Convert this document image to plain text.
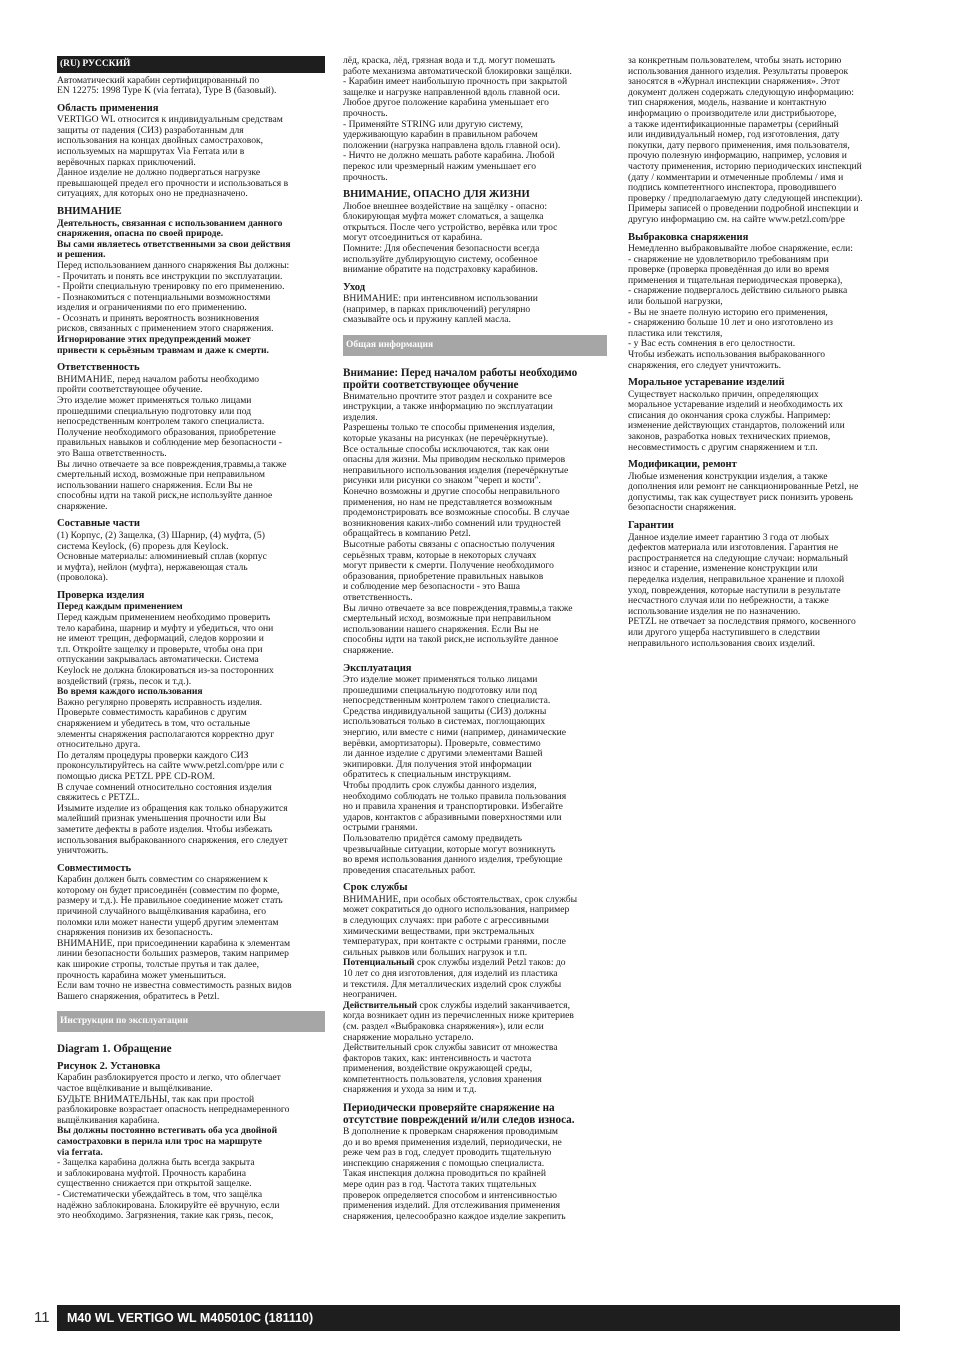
(RU) РУССКИЙ

Автоматический карабин сертифицированный по
EN 12275: 1998 Type K (via ferrata), Type B (базовый).

Область применения

VERTIGO WL относится к индивидуальным средствам
защиты от падения (СИЗ) разработанным для
использования на концах двойных самостраховок,
используемых на маршрутах Via Ferrata или в
верёвочных парках приключений.
Данное изделие не должно подвергаться нагрузке
превышающей предел его прочности и использоваться в
ситуациях, для которых оно не предназначено.

ВНИМАНИЕ

Деятельность, связанная с использованием данного
снаряжения, опасна по своей природе.
Вы сами являетесь ответственными за свои действия
и решения.

Перед использованием данного снаряжения Вы должны:
- Прочитать и понять все инструкции по эксплуатации.
- Пройти специальную тренировку по его применению.
- Познакомиться с потенциальными возможностями
изделия и ограничениями по его применению.
- Осознать и принять вероятность возникновения
рисков, связанных с применением этого снаряжения.

Игнорирование этих предупреждений может
привести к серьёзным травмам и даже к смерти.

Ответственность

ВНИМАНИЕ, перед началом работы необходимо
пройти соответствующее обучение.
Это изделие может применяться только лицами
прошедшими специальную подготовку или под
непосредственным контролем такого специалиста.
Получение необходимого образования, приобретение
правильных навыков и соблюдение мер безопасности -
это Ваша ответственность.
Вы лично отвечаете за все повреждения,травмы,а также
смертельный исход, возможные при неправильном
использовании нашего снаряжения. Если Вы не
способны идти на такой риск,не используйте данное
снаряжение.

Составные части

(1) Корпус, (2) Защелка, (3) Шарнир, (4) муфта, (5)
система Keylock, (6) прорезь для Keylock.
Основные материалы: алюминиевый сплав (корпус
и муфта), нейлон (муфта), нержавеющая сталь
(проволока).

Проверка изделия

Перед каждым применением

Перед каждым применением необходимо проверить
тело карабина, шарнир и муфту и убедиться, что они
не имеют трещин, деформаций, следов коррозии и
т.п. Откройте защелку и проверьте, чтобы она при
отпускании закрывалась автоматически. Система
Keylock не должна блокироваться из-за посторонних
воздействий (грязь, песок и т.д.).

Во время каждого использования

Важно регулярно проверять исправность изделия.
Проверьте совместимость карабинов с другим
снаряжением и убедитесь в том, что остальные
элементы снаряжения располагаются корректно друг
относительно друга.
По деталям процедуры проверки каждого СИЗ
проконсультируйтесь на сайте www.petzl.com/ppe или с
помощью диска PETZL PPE CD-ROM.
В случае сомнений относительно состояния изделия
свяжитесь с PETZL.
Изымите изделие из обращения как только обнаружится
малейший признак уменьшения прочности или Вы
заметите дефекты в работе изделия. Чтобы избежать
использования выбракованного снаряжения, его следует
уничтожить.

Совместимость

Карабин должен быть совместим со снаряжением к
которому он будет присоединён (совместим по форме,
размеру и т.д.). Не правильное соединение может стать
причиной случайного выщёлкивания карабина, его
поломки или может нанести ущерб другим элементам
снаряжения понизив их безопасность.
ВНИМАНИЕ, при присоединении карабина к элементам
линии безопасности больших размеров, таким например
как широкие стропы, толстые прутья и так далее,
прочность карабина может уменьшиться.
Если вам точно не известна совместимость разных видов
Вашего снаряжения, обратитесь в Petzl.

Инструкции по эксплуатации
Diagram 1. Обращение
Рисунок 2. Установка

Карабин разблокируется просто и легко, что облегчает
частое вщёлкивание и выщёлкивание.
БУДЬТЕ ВНИМАТЕЛЬНЫ, так как при простой
разблокировке возрастает опасность непреднамеренного
выщёлкивания карабина.

Вы должны постоянно встегивать оба уса двойной
самостраховки в перила или трос на маршруте
via ferrata.

- Защелка карабина должна быть всегда закрыта
и заблокирована муфтой. Прочность карабина
существенно снижается при открытой защелке.
- Систематически убеждайтесь в том, что защёлка
надёжно заблокирована. Блокируйте её вручную, если
это необходимо. Загрязнения, такие как грязь, песок,

лёд, краска, лёд, грязная вода и т.д. могут помешать
работе механизма автоматической блокировки защёлки.
- Карабин имеет наибольшую прочность при закрытой
защелке и нагрузке направленной вдоль главной оси.
Любое другое положение карабина уменьшает его
прочность.
- Применяйте STRING или другую систему,
удерживающую карабин в правильном рабочем
положении (нагрузка направлена вдоль главной оси).
- Ничто не должно мешать работе карабина. Любой
перекос или чрезмерный нажим уменьшает его
прочность.

ВНИМАНИЕ, ОПАСНО ДЛЯ ЖИЗНИ

Любое внешнее воздействие на защёлку - опасно:
блокирующая муфта может сломаться, а защелка
открыться. После чего устройство, верёвка или трос
могут отсоединиться от карабина.
Помните: Для обеспечения безопасности всегда
используйте дублирующую систему, особенное
внимание обратите на подстраховку карабинов.

Уход

ВНИМАНИЕ: при интенсивном использовании
(например, в парках приключений) регулярно
смазывайте ось и пружину каплей масла.

Общая информация
Внимание: Перед началом работы необходимо
пройти соответствующее обучение

Внимательно прочтите этот раздел и сохраните все
инструкции, а также информацию по эксплуатации
изделия.
Разрешены только те способы применения изделия,
которые указаны на рисунках (не перечёркнутые).
Все остальные способы исключаются, так как они
опасны для жизни. Мы приводим несколько примеров
неправильного использования изделия (перечёркнутые
рисунки или рисунки со знаком "череп и кости".
Конечно возможны и другие способы неправильного
применения, но нам не представляется возможным
продемонстрировать все возможные способы. В случае
возникновения каких-либо сомнений или трудностей
обращайтесь в компанию Petzl.
Высотные работы связаны с опасностью получения
серьёзных травм, которые в некоторых случаях
могут привести к смерти. Получение необходимого
образования, приобретение правильных навыков
и соблюдение мер безопасности - это Ваша
ответственность.
Вы лично отвечаете за все повреждения,травмы,а также
смертельный исход, возможные при неправильном
использовании нашего снаряжения. Если Вы не
способны идти на такой риск,не используйте данное
снаряжение.

Эксплуатация

Это изделие может применяться только лицами
прошедшими специальную подготовку или под
непосредственным контролем такого специалиста.
Средства индивидуальной защиты (СИЗ) должны
использоваться только в системах, поглощающих
энергию, или вместе с ними (например, динамические
верёвки, амортизаторы). Проверьте, совместимо
ли данное изделие с другими элементами Вашей
экипировки. Для получения этой информации
обратитесь к специальным инструкциям.
Чтобы продлить срок службы данного изделия,
необходимо соблюдать не только правила пользования
но и правила хранения и транспортировки. Избегайте
ударов, контактов с абразивными поверхностями или
острыми гранями.
Пользователю придётся самому предвидеть
чрезвычайные ситуации, которые могут возникнуть
во время использования данного изделия, требующие
проведения спасательных работ.

Срок службы

ВНИМАНИЕ, при особых обстоятельствах, срок службы
может сократиться до одного использования, например
в следующих случаях: при работе с агрессивными
химическими веществами, при экстремальных
температурах, при контакте с острыми гранями, после
сильных рывков или больших нагрузок и т.п.

Потенциальный срок службы изделий Petzl таков: до
10 лет со дня изготовления, для изделий из пластика
и текстиля. Для металлических изделий срок службы
неограничен.

Действительный срок службы изделий заканчивается,
когда возникает один из перечисленных ниже критериев
(см. раздел «Выбраковка снаряжения»), или если
снаряжение морально устарело.
Действительный срок службы зависит от множества
факторов таких, как: интенсивность и частота
применения, воздействие окружающей среды,
компетентность пользователя, условия хранения
снаряжения и ухода за ним и т.д.

Периодически проверяйте снаряжение на
отсутствие повреждений и/или следов износа.

В дополнение к проверкам снаряжения проводимым
до и во время применения изделий, периодически, не
реже чем раз в год, следует проводить тщательную
инспекцию снаряжения с помощью специалиста.
Такая инспекция должна проводиться по крайней
мере один раз в год. Частота таких тщательных
проверок определяется способом и интенсивностью
применения изделий. Для отслеживания применения
снаряжения, целесообразно каждое изделие закрепить

за конкретным пользователем, чтобы знать историю
использования данного изделия. Результаты проверок
заносятся в «Журнал инспекции снаряжения». Этот
документ должен содержать следующую информацию:
тип снаряжения, модель, название и контактную
информацию о производителе или дистрибьюторе,
а также идентификационные параметры (серийный
или индивидуальный номер, год изготовления, дату
покупки, дату первого применения, имя пользователя,
прочую полезную информацию, например, условия и
частоту применения, историю периодических инспекций
(дату / комментарии и отмеченные проблемы / имя и
подпись компетентного инспектора, проводившего
проверку / предполагаемую дату следующей инспекции).
Примеры записей о проведении подробной инспекции и
другую информацию см. на сайте www.petzl.com/ppe

Выбраковка снаряжения

Немедленно выбраковывайте любое снаряжение, если:
- снаряжение не удовлетворило требованиям при
проверке (проверка проведённая до или во время
применения и тщательная периодическая проверка),
- снаряжение подвергалось действию сильного рывка
или большой нагрузки,
- Вы не знаете полную историю его применения,
- снаряжению больше 10 лет и оно изготовлено из
пластика или текстиля,
- у Вас есть сомнения в его целостности.
Чтобы избежать использования выбракованного
снаряжения, его следует уничтожить.

Моральное устаревание изделий

Существует насколько причин, определяющих
моральное устаревание изделий и необходимость их
списания до окончания срока службы. Например:
изменение действующих стандартов, положений или
законов, разработка новых технических приемов,
несовместимость с другим снаряжением и т.п.

Модификации, ремонт

Любые изменения конструкции изделия, а также
дополнения или ремонт не санкционированные Petzl, не
допустимы, так как существует риск понизить уровень
безопасности снаряжения.

Гарантии

Данное изделие имеет гарантию 3 года от любых
дефектов материала или изготовления. Гарантия не
распространяется на следующие случаи: нормальный
износ и старение, изменение конструкции или
переделка изделия, неправильное хранение и плохой
уход, повреждения, которые наступили в результате
несчастного случая или по небрежности, а также
использование изделия не по назначению.
PETZL не отвечает за последствия прямого, косвенного
или другого ущерба наступившего в следствии
неправильного использования своих изделий.

11	M40 WL VERTIGO WL M405010C (181110)
